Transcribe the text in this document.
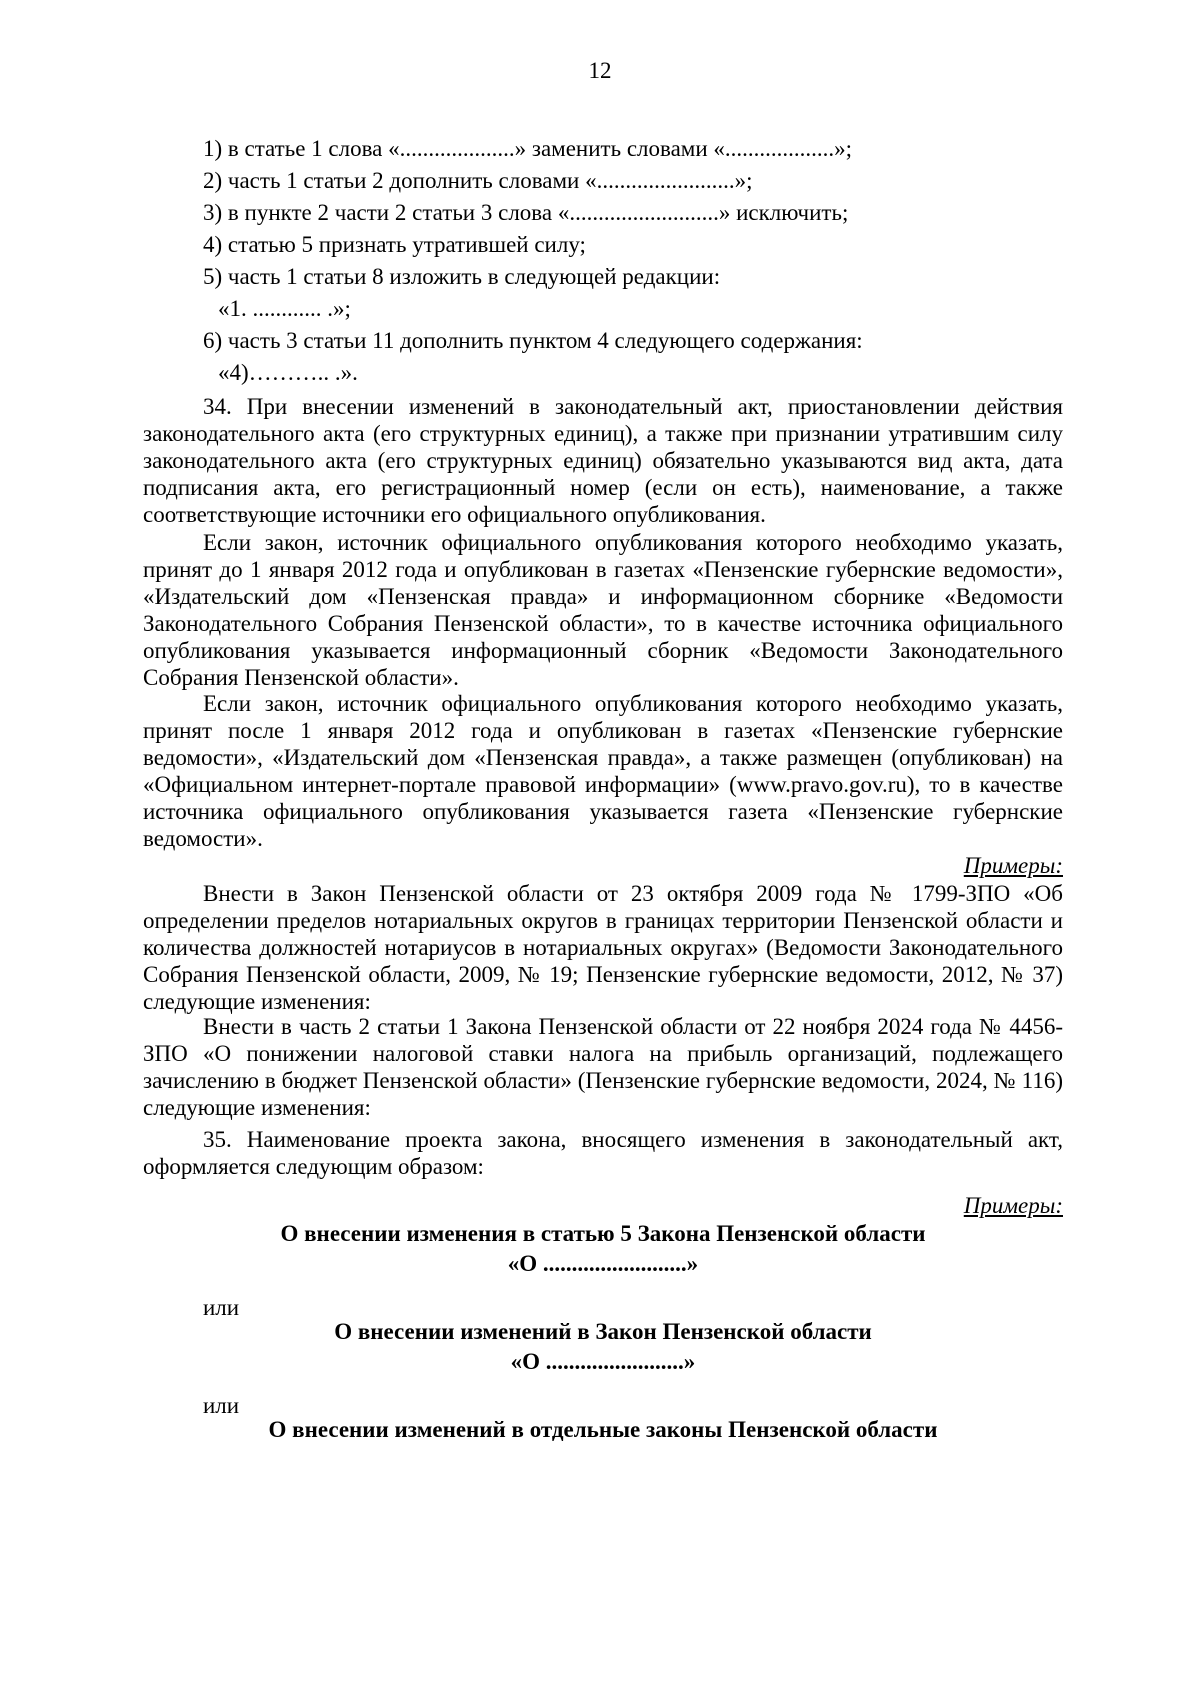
12
1) в статье 1 слова «....................» заменить словами «...................»;
2) часть 1 статьи 2 дополнить словами «........................»;
3) в пункте 2 части 2 статьи 3 слова «..........................» исключить;
4) статью 5 признать утратившей силу;
5) часть 1 статьи 8 изложить в следующей редакции:
«1. ............ .»;
6) часть 3 статьи 11 дополнить пунктом 4 следующего содержания:
«4)……….. .».

34. При внесении изменений в законодательный акт, приостановлении действия законодательного акта (его структурных единиц), а также при признании утратившим силу законодательного акта (его структурных единиц) обязательно указываются вид акта, дата подписания акта, его регистрационный номер (если он есть), наименование, а также соответствующие источники его официального опубликования.

Если закон, источник официального опубликования которого необходимо указать, принят до 1 января 2012 года и опубликован в газетах «Пензенские губернские ведомости», «Издательский дом «Пензенская правда» и информационном сборнике «Ведомости Законодательного Собрания Пензенской области», то в качестве источника официального опубликования указывается информационный сборник «Ведомости Законодательного Собрания Пензенской области».

Если закон, источник официального опубликования которого необходимо указать, принят после 1 января 2012 года и опубликован в газетах «Пензенские губернские ведомости», «Издательский дом «Пензенская правда», а также размещен (опубликован) на «Официальном интернет-портале правовой информации» (www.pravo.gov.ru), то в качестве источника официального опубликования указывается газета «Пензенские губернские ведомости».

Примеры:

Внести в Закон Пензенской области от 23 октября 2009 года № 1799-ЗПО «Об определении пределов нотариальных округов в границах территории Пензенской области и количества должностей нотариусов в нотариальных округах» (Ведомости Законодательного Собрания Пензенской области, 2009, № 19; Пензенские губернские ведомости, 2012, № 37) следующие изменения:

Внести в часть 2 статьи 1 Закона Пензенской области от 22 ноября 2024 года № 4456-ЗПО «О понижении налоговой ставки налога на прибыль организаций, подлежащего зачислению в бюджет Пензенской области» (Пензенские губернские ведомости, 2024, № 116) следующие изменения:

35. Наименование проекта закона, вносящего изменения в законодательный акт, оформляется следующим образом:

Примеры:
О внесении изменения в статью 5 Закона Пензенской области
«О .........................»
или
О внесении изменений в Закон Пензенской области
«О ........................»
или
О внесении изменений в отдельные законы Пензенской области
